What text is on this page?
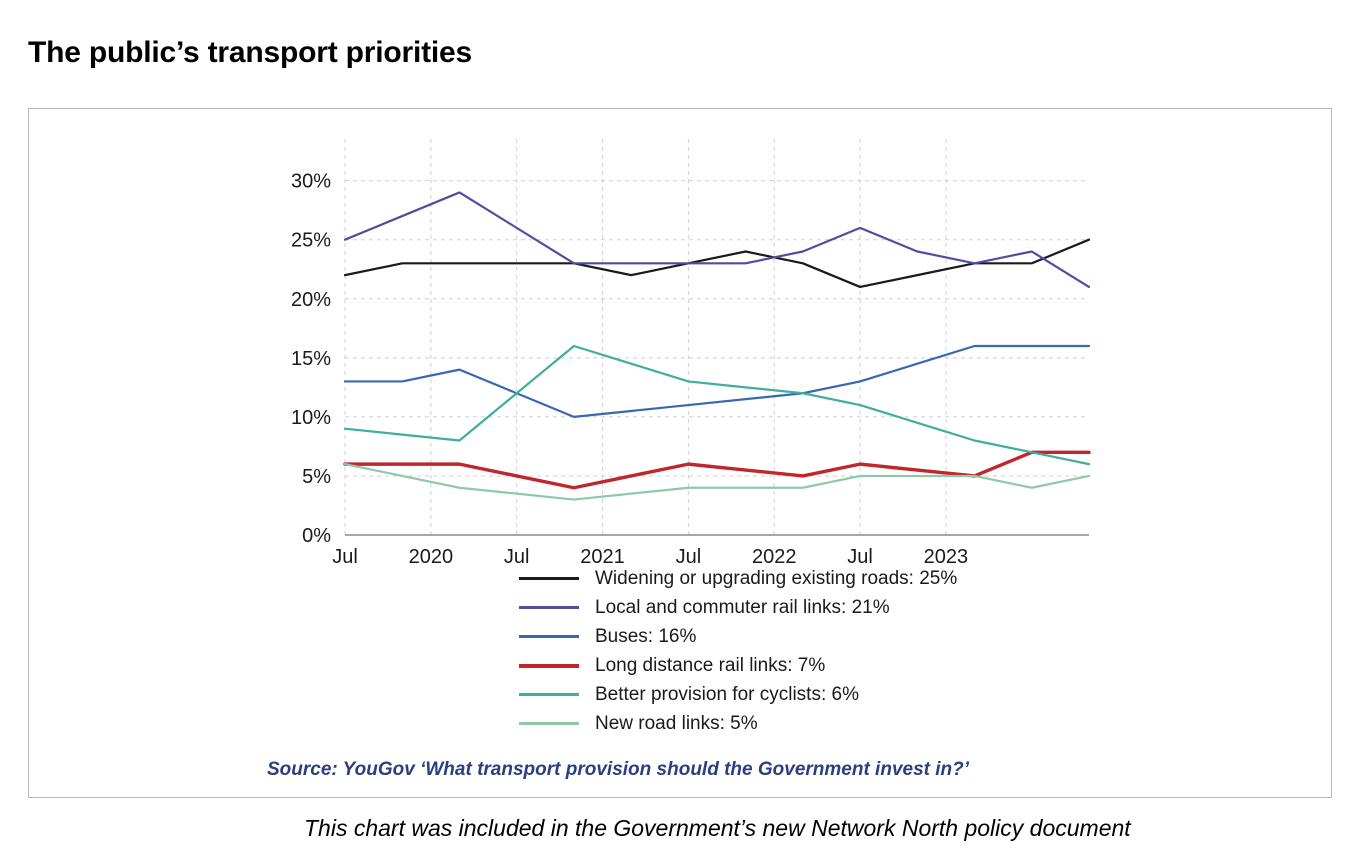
The public’s transport priorities
0%
5%
10%
15%
20%
25%
30%
Jul	2020	Jul	2021	Jul	2022	Jul	2023
Widening or upgrading existing roads: 25%
Local and commuter rail links: 21%
Buses: 16%
Long distance rail links: 7%
Better provision for cyclists: 6%
New road links: 5%
Source: YouGov ‘What transport provision should the Government invest in?’
This chart was included in the Government’s new Network North policy document
